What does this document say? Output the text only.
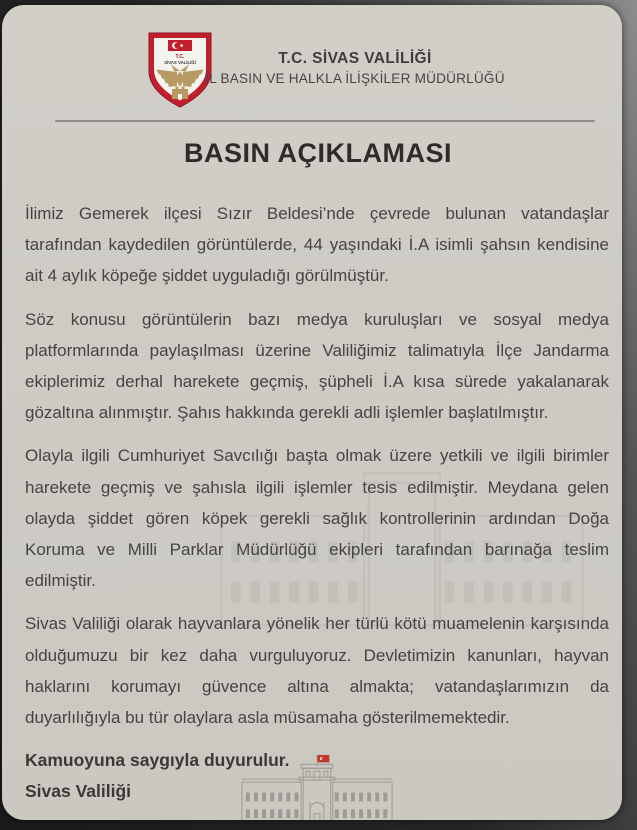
T.C.
SİVAS VALİLİĞİ	T.C. SİVAS VALİLİĞİ
İL BASIN VE HALKLA İLİŞKİLER MÜDÜRLÜĞÜ
BASIN AÇIKLAMASI

İlimiz Gemerek ilçesi Sızır Beldesi’nde çevrede bulunan vatandaşlar tarafından kaydedilen görüntülerde, 44 yaşındaki İ.A isimli şahsın kendisine ait 4 aylık köpeğe şiddet uyguladığı görülmüştür.

Söz konusu görüntülerin bazı medya kuruluşları ve sosyal medya platformlarında paylaşılması üzerine Valiliğimiz talimatıyla İlçe Jandarma ekiplerimiz derhal harekete geçmiş, şüpheli İ.A kısa sürede yakalanarak gözaltına alınmıştır. Şahıs hakkında gerekli adli işlemler başlatılmıştır.

Olayla ilgili Cumhuriyet Savcılığı başta olmak üzere yetkili ve ilgili birimler harekete geçmiş ve şahısla ilgili işlemler tesis edilmiştir. Meydana gelen olayda şiddet gören köpek gerekli sağlık kontrollerinin ardından Doğa Koruma ve Milli Parklar Müdürlüğü ekipleri tarafından barınağa teslim edilmiştir.

Sivas Valiliği olarak hayvanlara yönelik her türlü kötü muamelenin karşısında olduğumuzu bir kez daha vurguluyoruz. Devletimizin kanunları, hayvan haklarını korumayı güvence altına almakta; vatandaşlarımızın da duyarlılığıyla bu tür olaylara asla müsamaha gösterilmemektedir.

Kamuoyuna saygıyla duyurulur.

Sivas Valiliği
